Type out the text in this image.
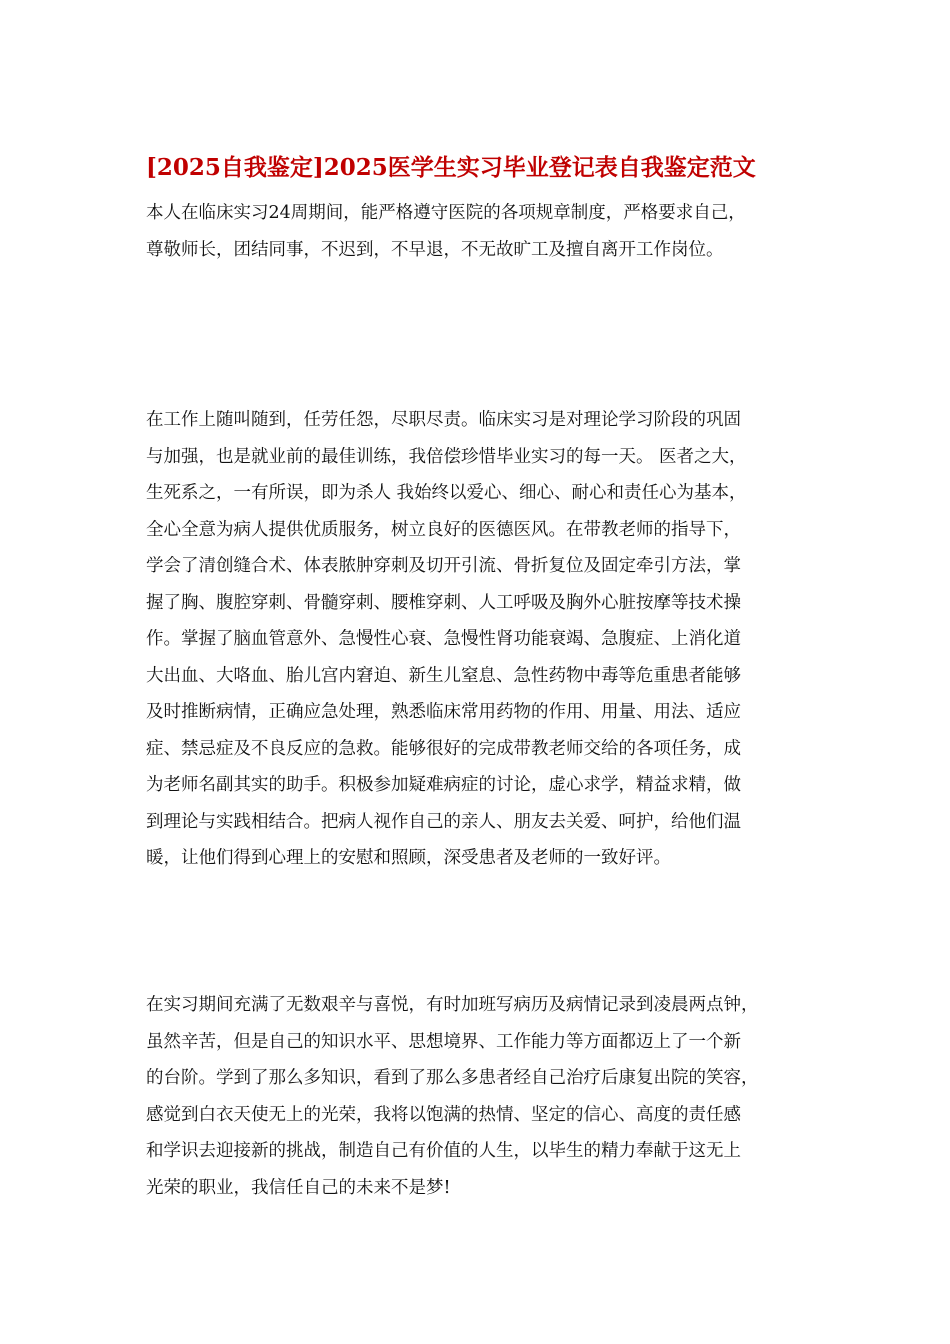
[2025自我鉴定]2025医学生实习毕业登记表自我鉴定范文
本人在临床实习24周期间，能严格遵守医院的各项规章制度，严格要求自己，
尊敬师长，团结同事，不迟到，不早退，不无故旷工及擅自离开工作岗位。
在工作上随叫随到，任劳任怨，尽职尽责。临床实习是对理论学习阶段的巩固
与加强，也是就业前的最佳训练，我倍偿珍惜毕业实习的每一天。 医者之大，
生死系之，一有所误，即为杀人 我始终以爱心、细心、耐心和责任心为基本，
全心全意为病人提供优质服务，树立良好的医德医风。在带教老师的指导下，
学会了清创缝合术、体表脓肿穿刺及切开引流、骨折复位及固定牵引方法，掌
握了胸、腹腔穿刺、骨髓穿刺、腰椎穿刺、人工呼吸及胸外心脏按摩等技术操
作。掌握了脑血管意外、急慢性心衰、急慢性肾功能衰竭、急腹症、上消化道
大出血、大咯血、胎儿宫内窘迫、新生儿窒息、急性药物中毒等危重患者能够
及时推断病情，正确应急处理，熟悉临床常用药物的作用、用量、用法、适应
症、禁忌症及不良反应的急救。能够很好的完成带教老师交给的各项任务，成
为老师名副其实的助手。积极参加疑难病症的讨论，虚心求学，精益求精，做
到理论与实践相结合。把病人视作自己的亲人、朋友去关爱、呵护，给他们温
暖，让他们得到心理上的安慰和照顾，深受患者及老师的一致好评。
在实习期间充满了无数艰辛与喜悦，有时加班写病历及病情记录到凌晨两点钟，
虽然辛苦，但是自己的知识水平、思想境界、工作能力等方面都迈上了一个新
的台阶。学到了那么多知识，看到了那么多患者经自己治疗后康复出院的笑容，
感觉到白衣天使无上的光荣，我将以饱满的热情、坚定的信心、高度的责任感
和学识去迎接新的挑战，制造自己有价值的人生，以毕生的精力奉献于这无上
光荣的职业，我信任自己的未来不是梦!
